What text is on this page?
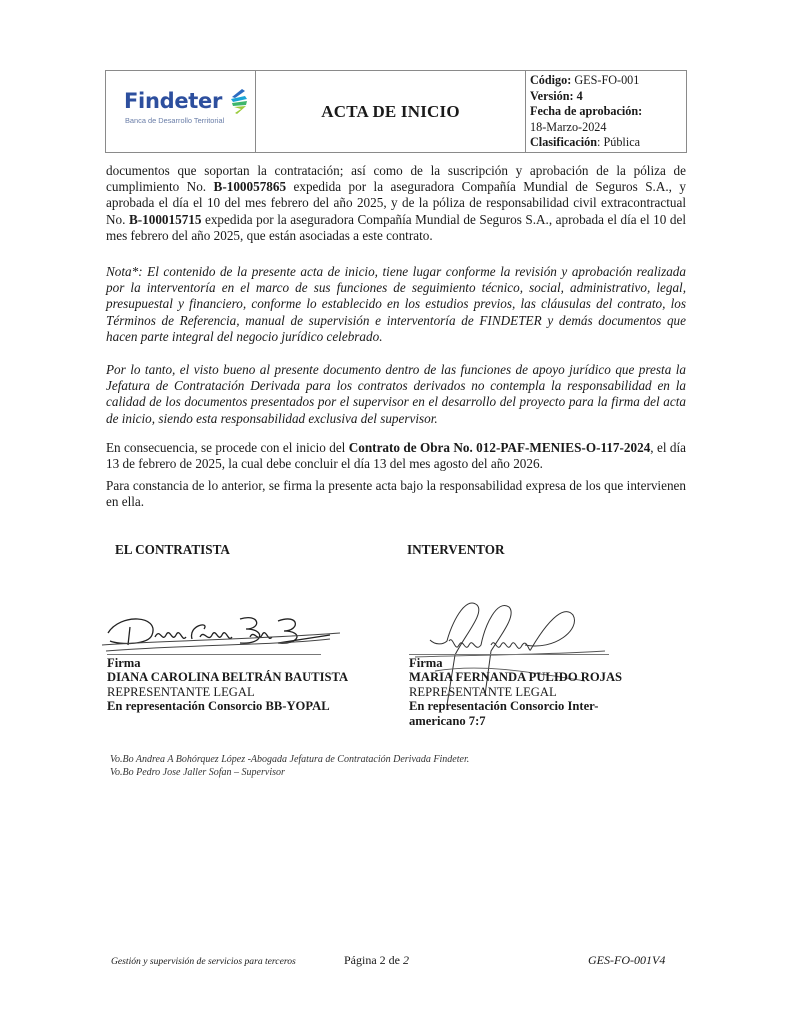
Findeter
Banca de Desarrollo Territorial	ACTA DE INICIO
Código: GES-FO-001
Versión: 4
Fecha de aprobación:
18-Marzo-2024
Clasificación: Pública
documentos que soportan la contratación; así como de la suscripción y aprobación de la póliza de cumplimiento No. B-100057865 expedida por la aseguradora Compañía Mundial de Seguros S.A., y aprobada el día el 10 del mes febrero del año 2025, y de la póliza de responsabilidad civil extracontractual No. B-100015715 expedida por la aseguradora Compañía Mundial de Seguros S.A., aprobada el día el 10 del mes febrero del año 2025, que están asociadas a este contrato.
Nota*: El contenido de la presente acta de inicio, tiene lugar conforme la revisión y aprobación realizada por la interventoría en el marco de sus funciones de seguimiento técnico, social, administrativo, legal, presupuestal y financiero, conforme lo establecido en los estudios previos, las cláusulas del contrato, los Términos de Referencia, manual de supervisión e interventoría de FINDETER y demás documentos que hacen parte integral del negocio jurídico celebrado.
Por lo tanto, el visto bueno al presente documento dentro de las funciones de apoyo jurídico que presta la Jefatura de Contratación Derivada para los contratos derivados no contempla la responsabilidad en la calidad de los documentos presentados por el supervisor en el desarrollo del proyecto para la firma del acta de inicio, siendo esta responsabilidad exclusiva del supervisor.
En consecuencia, se procede con el inicio del Contrato de Obra No. 012-PAF-MENIES-O-117-2024, el día 13 de febrero de 2025, la cual debe concluir el día 13 del mes agosto del año 2026.
Para constancia de lo anterior, se firma la presente acta bajo la responsabilidad expresa de los que intervienen en ella.
EL CONTRATISTA	INTERVENTOR
Firma
DIANA CAROLINA BELTRÁN BAUTISTA
REPRESENTANTE LEGAL
En representación Consorcio BB-YOPAL
Firma
MARIA FERNANDA PULIDO ROJAS
REPRESENTANTE LEGAL
En representación Consorcio Inter-
americano 7:7
Vo.Bo Andrea A Bohórquez López -Abogada Jefatura de Contratación Derivada Findeter.
Vo.Bo Pedro Jose Jaller Sofan – Supervisor
Gestión y supervisión de servicios para terceros	Página 2 de 2	GES-FO-001V4
